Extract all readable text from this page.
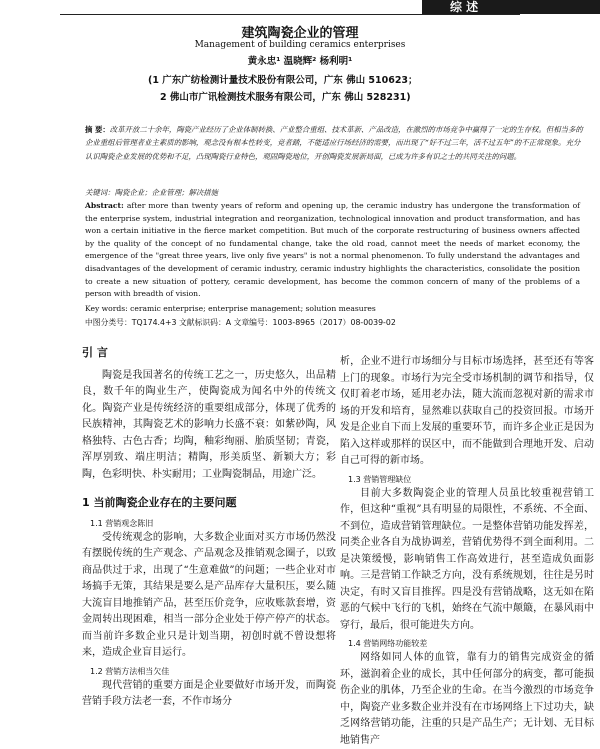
综 述
建筑陶瓷企业的管理
Management of building ceramics enterprises
黄永忠¹ 温晓辉² 杨利明¹
(1 广东广纺检测计量技术股份有限公司，广东 佛山 510623；
2 佛山市广讯检测技术服务有限公司，广东 佛山 528231)
摘 要：改革开放二十余年，陶瓷产业经历了企业体制转换、产业整合重组、技术革新、产品改造，在激烈的市场竞争中赢得了一定的生存权。但相当多的企业重组后管理者业主素质的影响，观念没有根本性转变，竞者踏，不能适应行场经济的需要，而出现了“好不过三年，活不过五年”的不正常现象。充分认识陶瓷企业发展的优势和不足，凸现陶瓷行业特色，观固陶瓷地位，开创陶瓷发展新局面，已成为许多有识之士的共同关注的问题。
关键词：陶瓷企业；企业管理；解决措施
Abstract: after more than twenty years of reform and opening up, the ceramic industry has undergone the transformation of the enterprise system, industrial integration and reorganization, technological innovation and product transformation, and has won a certain initiative in the fierce market competition. But much of the corporate restructuring of business owners affected by the quality of the concept of no fundamental change, take the old road, cannot meet the needs of market economy, the emergence of the "great three years, live only five years" is not a normal phenomenon. To fully understand the advantages and disadvantages of the development of ceramic industry, ceramic industry highlights the characteristics, consolidate the position to create a new situation of pottery, ceramic development, has become the common concern of many of the problems of a person with breadth of vision.
Key words: ceramic enterprise; enterprise management; solution measures
中图分类号：TQ174.4+3 文献标识码：A 文章编号：1003-8965（2017）08-0039-02
引 言

陶瓷是我国著名的传统工艺之一，历史悠久，出品精良，数千年的陶业生产，使陶瓷成为闻名中外的传统文化。陶瓷产业是传统经济的重要组成部分，体现了优秀的民族精神，其陶瓷艺术的影响力长盛不衰：如紫砂陶，风格独特、古色古香；均陶，釉彩绚丽、胎质坚韧；青瓷，浑厚别致、端庄明洁；精陶，形美质坚、新颖大方；彩陶，色彩明快、朴实耐用；工业陶瓷制品，用途广泛。

1 当前陶瓷企业存在的主要问题
1.1 营销观念陈旧

受传统观念的影响，大多数企业面对买方市场仍然没有摆脱传统的生产观念、产品观念及推销观念圈子，以致商品供过于求，出现了“生意难做”的问题；一些企业对市场搞手无策，其结果是要么是产品库存大量积压，要么随大流盲目地推销产品，甚至压价竞争，应收账款套增，资金周转出现困难，相当一部分企业处于停产停产的状态。而当前许多数企业只是计划当期，初创时就不曾设想将来，造成企业盲目运行。

1.2 营销方法相当欠佳

现代营销的重要方面是企业要做好市场开发，而陶瓷营销手段方法老一套，不作市场分

析，企业不进行市场细分与目标市场选择，甚至还有等客上门的现象。市场行为完全受市场机制的调节和指导，仅仅盯着老市场，延用老办法，随大流而忽视对新的需求市场的开发和培育，显然难以获取自己的投资回报。市场开发是企业自下而上发展的重要环节，而许多企业正是因为陷入这样或那样的误区中，而不能做到合理地开发、启动自己可得的新市场。

1.3 营销管理缺位

目前大多数陶瓷企业的管理人员虽比较重视营销工作，但这种“重视”具有明显的局限性，不系统、不全面、不到位，造成营销管理缺位。一是整体营销功能发挥差，同类企业各自为战协调差，营销优势得不到全面利用。二是决策缓慢，影响销售工作高效进行，甚至造成负面影响。三是营销工作缺乏方向，没有系统规划，往往是另时决定，有时又盲目推挥。四是没有营销战略，这无如在陷恶的气候中飞行的飞机，始终在气流中颠簸，在暴风雨中穿行，最后，很可能进失方向。

1.4 营销网络功能较差

网络如同人体的血管，靠有力的销售完成资金的循环，滋润着企业的成长，其中任何部分的病变，都可能损伤企业的肌体，乃至企业的生命。在当今激烈的市场竞争中，陶瓷产业多数企业并没有在市场网络上下过功夫，缺乏网络营销功能，注重的只是产品生产；无计划、无目标地销售产
